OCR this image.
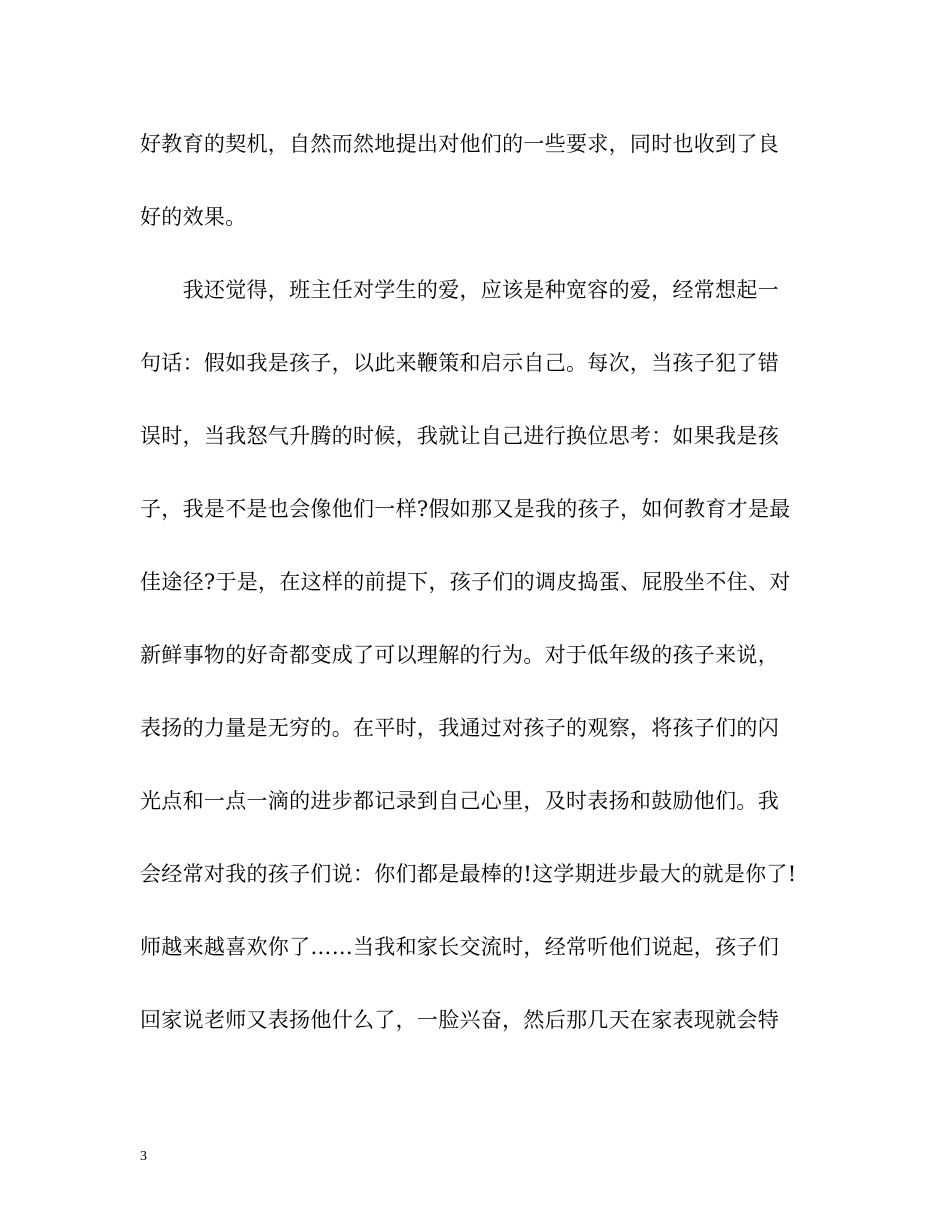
好教育的契机，自然而然地提出对他们的一些要求，同时也收到了良
好的效果。
　　我还觉得，班主任对学生的爱，应该是种宽容的爱，经常想起一
句话：假如我是孩子，以此来鞭策和启示自己。每次，当孩子犯了错
误时，当我怒气升腾的时候，我就让自己进行换位思考：如果我是孩
子，我是不是也会像他们一样?假如那又是我的孩子，如何教育才是最
佳途径?于是，在这样的前提下，孩子们的调皮捣蛋、屁股坐不住、对
新鲜事物的好奇都变成了可以理解的行为。对于低年级的孩子来说，
表扬的力量是无穷的。在平时，我通过对孩子的观察，将孩子们的闪
光点和一点一滴的进步都记录到自己心里，及时表扬和鼓励他们。我
会经常对我的孩子们说：你们都是最棒的!这学期进步最大的就是你了!
师越来越喜欢你了……当我和家长交流时，经常听他们说起，孩子们
回家说老师又表扬他什么了，一脸兴奋，然后那几天在家表现就会特
3
